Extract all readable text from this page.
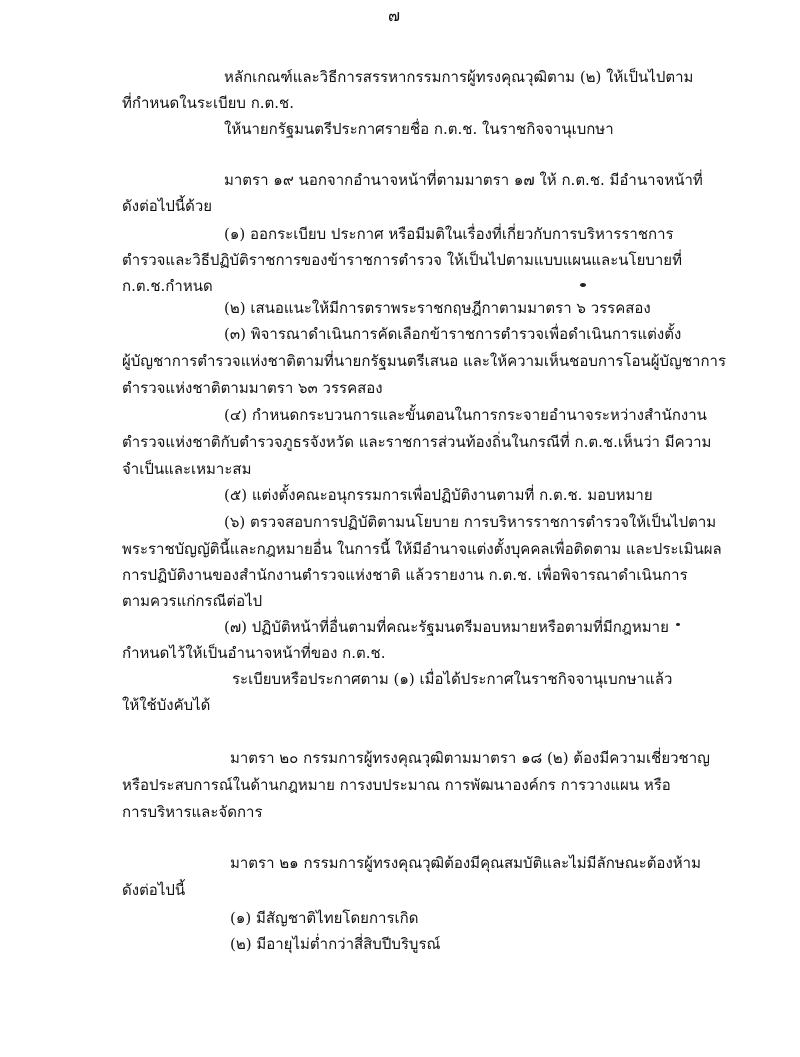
๗
หลักเกณฑ์และวิธีการสรรหากรรมการผู้ทรงคุณวุฒิตาม (๒) ให้เป็นไปตาม
ที่กำหนดในระเบียบ ก.ต.ช.
ให้นายกรัฐมนตรีประกาศรายชื่อ ก.ต.ช. ในราชกิจจานุเบกษา
มาตรา ๑๙ นอกจากอำนาจหน้าที่ตามมาตรา ๑๗ ให้ ก.ต.ช. มีอำนาจหน้าที่
ดังต่อไปนี้ด้วย
(๑) ออกระเบียบ ประกาศ หรือมีมติในเรื่องที่เกี่ยวกับการบริหารราชการ
ตำรวจและวิธีปฏิบัติราชการของข้าราชการตำรวจ ให้เป็นไปตามแบบแผนและนโยบายที่
ก.ต.ช.กำหนด
(๒) เสนอแนะให้มีการตราพระราชกฤษฎีกาตามมาตรา ๖ วรรคสอง
(๓) พิจารณาดำเนินการคัดเลือกข้าราชการตำรวจเพื่อดำเนินการแต่งตั้ง
ผู้บัญชาการตำรวจแห่งชาติตามที่นายกรัฐมนตรีเสนอ และให้ความเห็นชอบการโอนผู้บัญชาการ
ตำรวจแห่งชาติตามมาตรา ๖๓ วรรคสอง
(๔) กำหนดกระบวนการและขั้นตอนในการกระจายอำนาจระหว่างสำนักงาน
ตำรวจแห่งชาติกับตำรวจภูธรจังหวัด และราชการส่วนท้องถิ่นในกรณีที่ ก.ต.ช.เห็นว่า มีความ
จำเป็นและเหมาะสม
(๕) แต่งตั้งคณะอนุกรรมการเพื่อปฏิบัติงานตามที่ ก.ต.ช. มอบหมาย
(๖) ตรวจสอบการปฏิบัติตามนโยบาย การบริหารราชการตำรวจให้เป็นไปตาม
พระราชบัญญัตินี้และกฎหมายอื่น ในการนี้ ให้มีอำนาจแต่งตั้งบุคคลเพื่อติดตาม และประเมินผล
การปฏิบัติงานของสำนักงานตำรวจแห่งชาติ แล้วรายงาน ก.ต.ช. เพื่อพิจารณาดำเนินการ
ตามควรแก่กรณีต่อไป
(๗) ปฏิบัติหน้าที่อื่นตามที่คณะรัฐมนตรีมอบหมายหรือตามที่มีกฎหมาย
กำหนดไว้ให้เป็นอำนาจหน้าที่ของ ก.ต.ช.
ระเบียบหรือประกาศตาม (๑) เมื่อได้ประกาศในราชกิจจานุเบกษาแล้ว
ให้ใช้บังคับได้
มาตรา ๒๐ กรรมการผู้ทรงคุณวุฒิตามมาตรา ๑๘ (๒) ต้องมีความเชี่ยวชาญ
หรือประสบการณ์ในด้านกฎหมาย การงบประมาณ การพัฒนาองค์กร การวางแผน หรือ
การบริหารและจัดการ
มาตรา ๒๑ กรรมการผู้ทรงคุณวุฒิต้องมีคุณสมบัติและไม่มีลักษณะต้องห้าม
ดังต่อไปนี้
(๑) มีสัญชาติไทยโดยการเกิด
(๒) มีอายุไม่ต่ำกว่าสี่สิบปีบริบูรณ์
